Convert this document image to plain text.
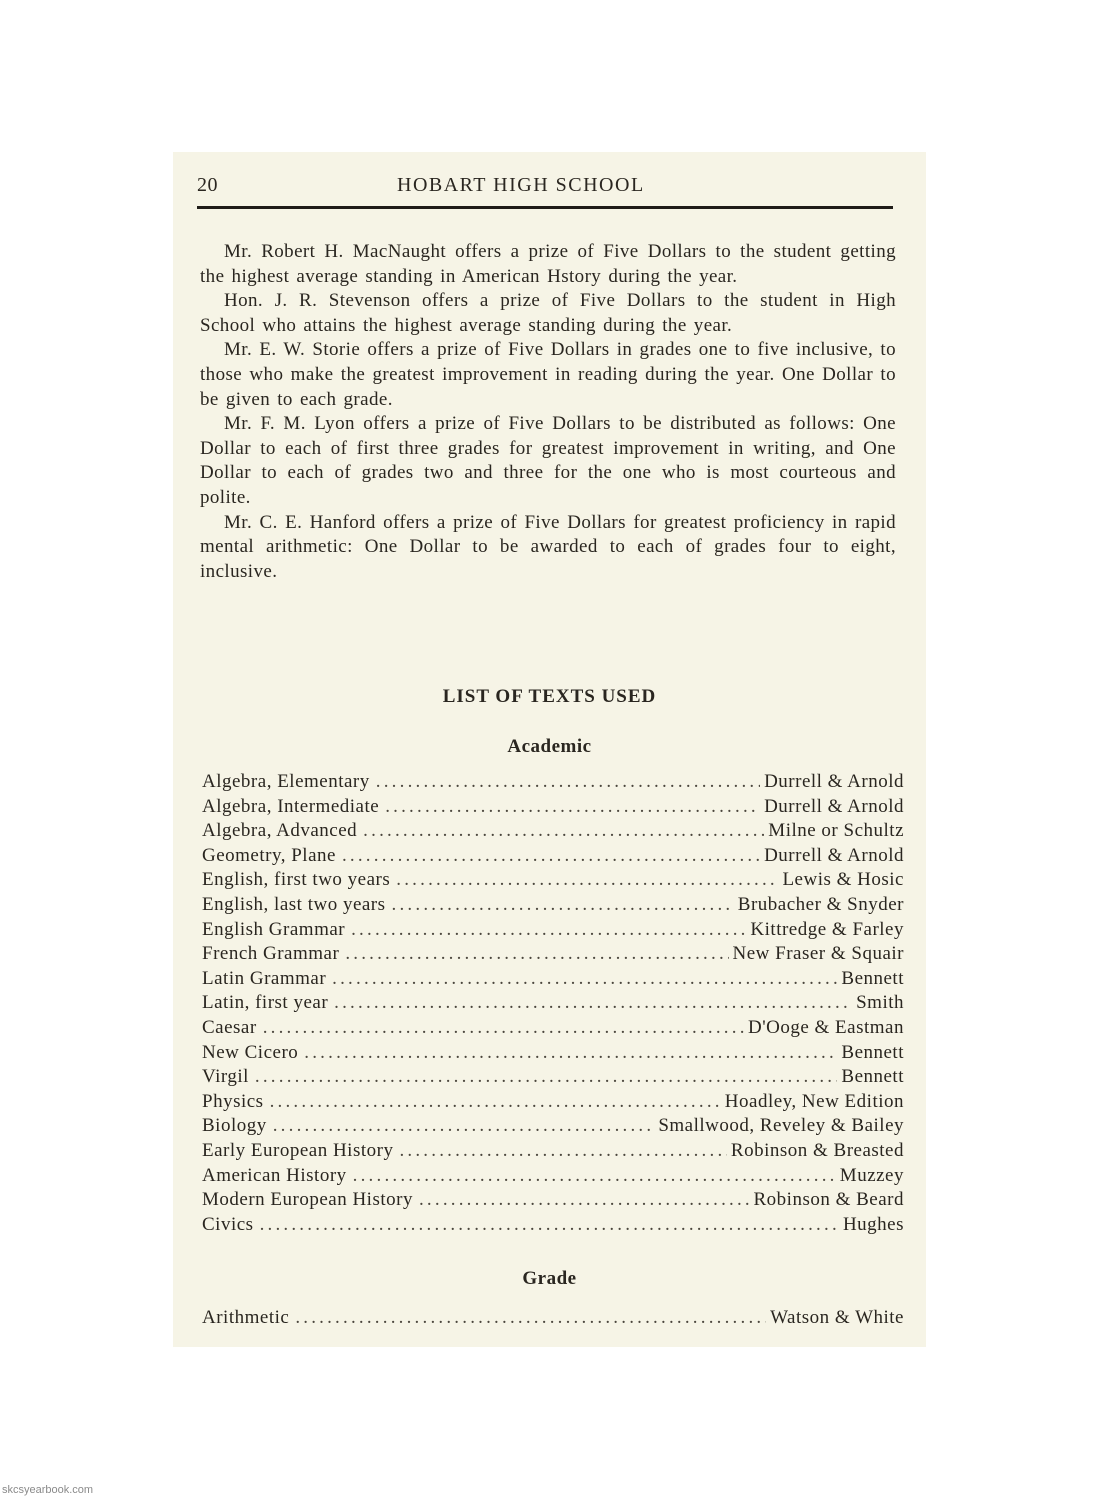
20	HOBART HIGH SCHOOL

Mr. Robert H. MacNaught offers a prize of Five Dollars to the student getting the highest average standing in American Hstory during the year.

Hon. J. R. Stevenson offers a prize of Five Dollars to the student in High School who attains the highest average standing during the year.

Mr. E. W. Storie offers a prize of Five Dollars in grades one to five inclusive, to those who make the greatest improvement in reading during the year. One Dollar to be given to each grade.

Mr. F. M. Lyon offers a prize of Five Dollars to be distributed as follows: One Dollar to each of first three grades for greatest improvement in writing, and One Dollar to each of grades two and three for the one who is most courteous and polite.

Mr. C. E. Hanford offers a prize of Five Dollars for greatest proficiency in rapid mental arithmetic: One Dollar to be awarded to each of grades four to eight, inclusive.

LIST OF TEXTS USED
Academic
Algebra, Elementary .....	Durrell & Arnold
Algebra, Intermediate .....	Durrell & Arnold
Algebra, Advanced .....	Milne or Schultz
Geometry, Plane .....	Durrell & Arnold
English, first two years .....	Lewis & Hosic
English, last two years .....	Brubacher & Snyder
English Grammar .....	Kittredge & Farley
French Grammar .....	New Fraser & Squair
Latin Grammar .....	Bennett
Latin, first year .....	Smith
Caesar .....	D'Ooge & Eastman
New Cicero .....	Bennett
Virgil .....	Bennett
Physics .....	Hoadley, New Edition
Biology .....	Smallwood, Reveley & Bailey
Early European History .....	Robinson & Breasted
American History .....	Muzzey
Modern European History .....	Robinson & Beard
Civics .....	Hughes
Grade
Arithmetic .....	Watson & White
skcsyearbook.com
